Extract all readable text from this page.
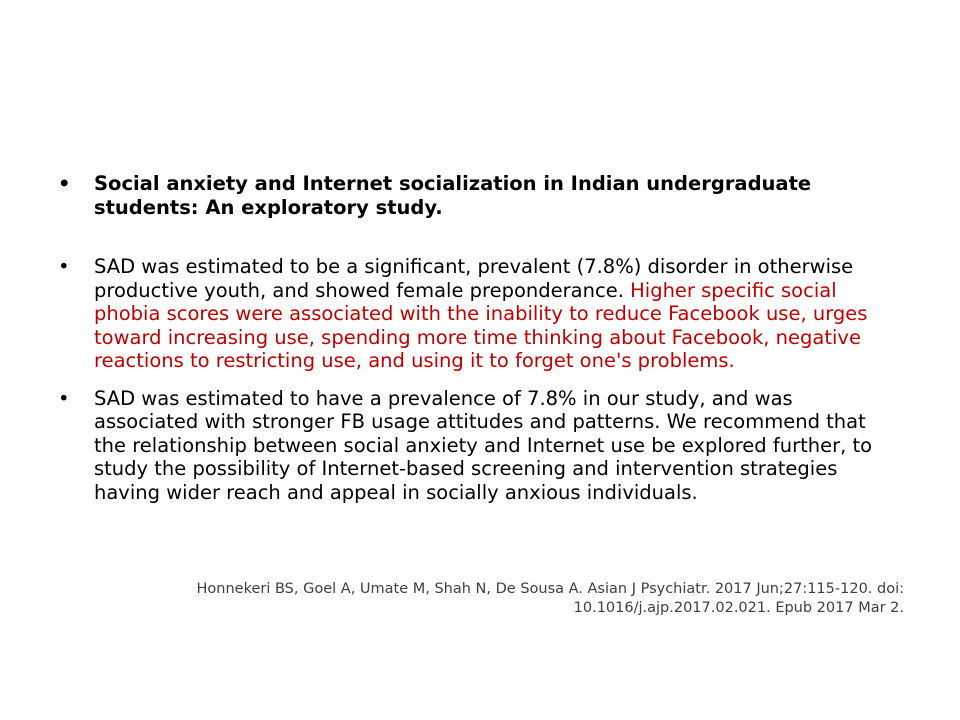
•
Social anxiety and Internet socialization in Indian undergraduate students: An exploratory study.
•
SAD was estimated to be a significant, prevalent (7.8%) disorder in otherwise productive youth, and showed female preponderance. Higher specific social phobia scores were associated with the inability to reduce Facebook use, urges toward increasing use, spending more time thinking about Facebook, negative reactions to restricting use, and using it to forget one's problems.
•
SAD was estimated to have a prevalence of 7.8% in our study, and was associated with stronger FB usage attitudes and patterns. We recommend that the relationship between social anxiety and Internet use be explored further, to study the possibility of Internet-based screening and intervention strategies having wider reach and appeal in socially anxious individuals.

Honnekeri BS, Goel A, Umate M, Shah N, De Sousa A. Asian J Psychiatr. 2017 Jun;27:115-120. doi:
10.1016/j.ajp.2017.02.021. Epub 2017 Mar 2.
